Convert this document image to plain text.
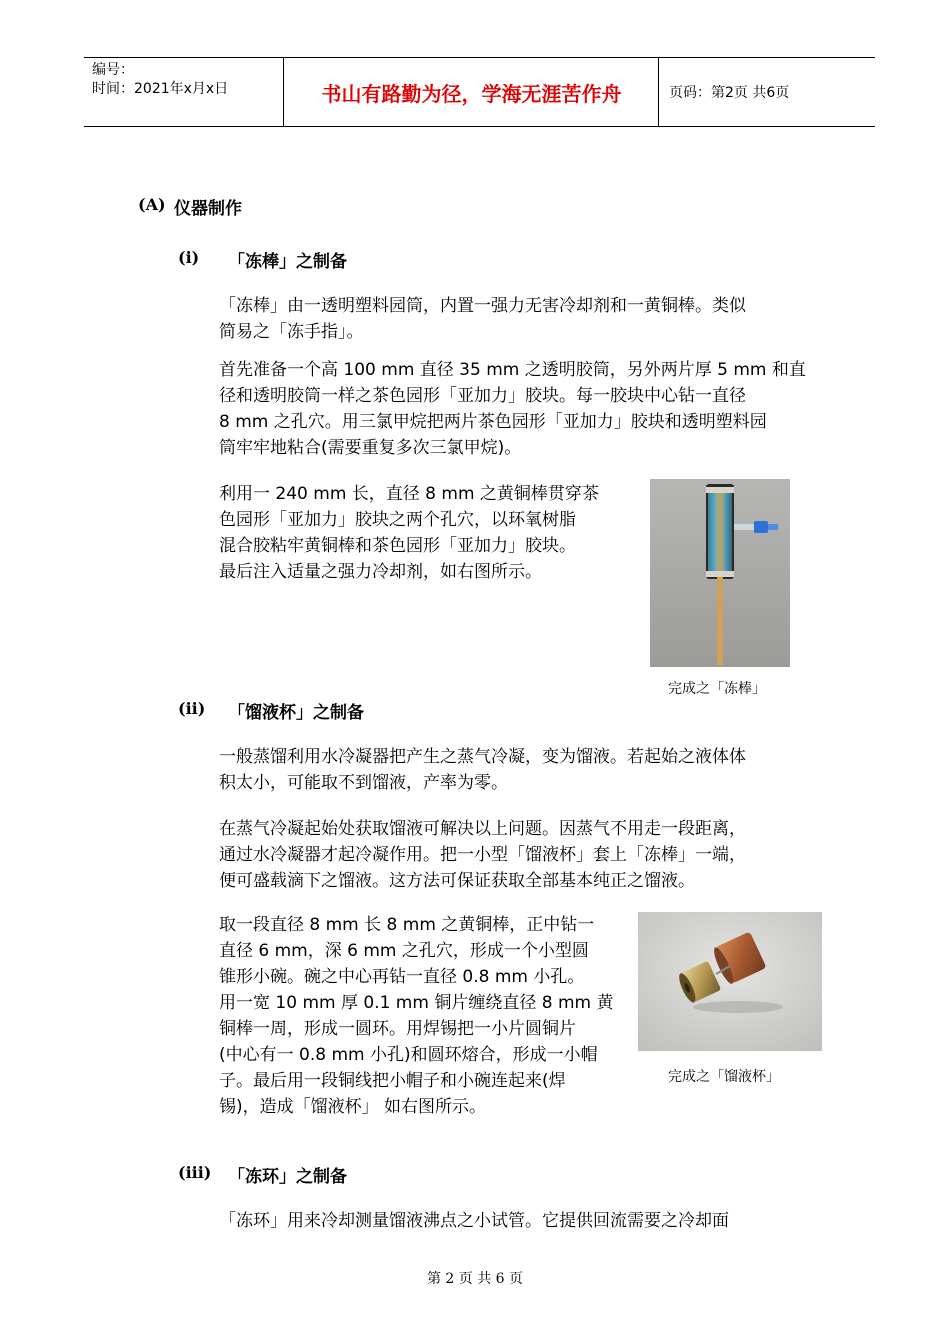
编号：
时间：2021年x月x日	书山有路勤为径，学海无涯苦作舟	页码：第2页 共6页
(A) 仪器制作
(i) 「冻棒」之制备
「冻棒」由一透明塑料园筒，内置一强力无害冷却剂和一黄铜棒。类似
简易之「冻手指」。
首先准备一个高 100 mm 直径 35 mm 之透明胶筒，另外两片厚 5 mm 和直
径和透明胶筒一样之茶色园形「亚加力」胶块。每一胶块中心钻一直径
8 mm 之孔穴。用三氯甲烷把两片茶色园形「亚加力」胶块和透明塑料园
筒牢牢地粘合(需要重复多次三氯甲烷)。
利用一 240 mm 长，直径 8 mm 之黄铜棒贯穿茶
色园形「亚加力」胶块之两个孔穴，以环氧树脂
混合胶粘牢黄铜棒和茶色园形「亚加力」胶块。
最后注入适量之强力冷却剂，如右图所示。
完成之「冻棒」
(ii) 「馏液杯」之制备
一般蒸馏利用水冷凝器把产生之蒸气冷凝，变为馏液。若起始之液体体
积太小，可能取不到馏液，产率为零。
在蒸气冷凝起始处获取馏液可解决以上问题。因蒸气不用走一段距离，
通过水冷凝器才起冷凝作用。把一小型「馏液杯」套上「冻棒」一端，
便可盛载滴下之馏液。这方法可保证获取全部基本纯正之馏液。
取一段直径 8 mm 长 8 mm 之黄铜棒，正中钻一
直径 6 mm，深 6 mm 之孔穴，形成一个小型圆
锥形小碗。碗之中心再钻一直径 0.8 mm 小孔。
用一宽 10 mm 厚 0.1 mm 铜片缠绕直径 8 mm 黄
铜棒一周，形成一圆环。用焊锡把一小片圆铜片
(中心有一 0.8 mm 小孔)和圆环熔合，形成一小帽
子。最后用一段铜线把小帽子和小碗连起来(焊
锡)，造成「馏液杯」 如右图所示。
完成之「馏液杯」
(iii) 「冻环」之制备
「冻环」用来冷却测量馏液沸点之小试管。它提供回流需要之冷却面
第 2 页 共 6 页
